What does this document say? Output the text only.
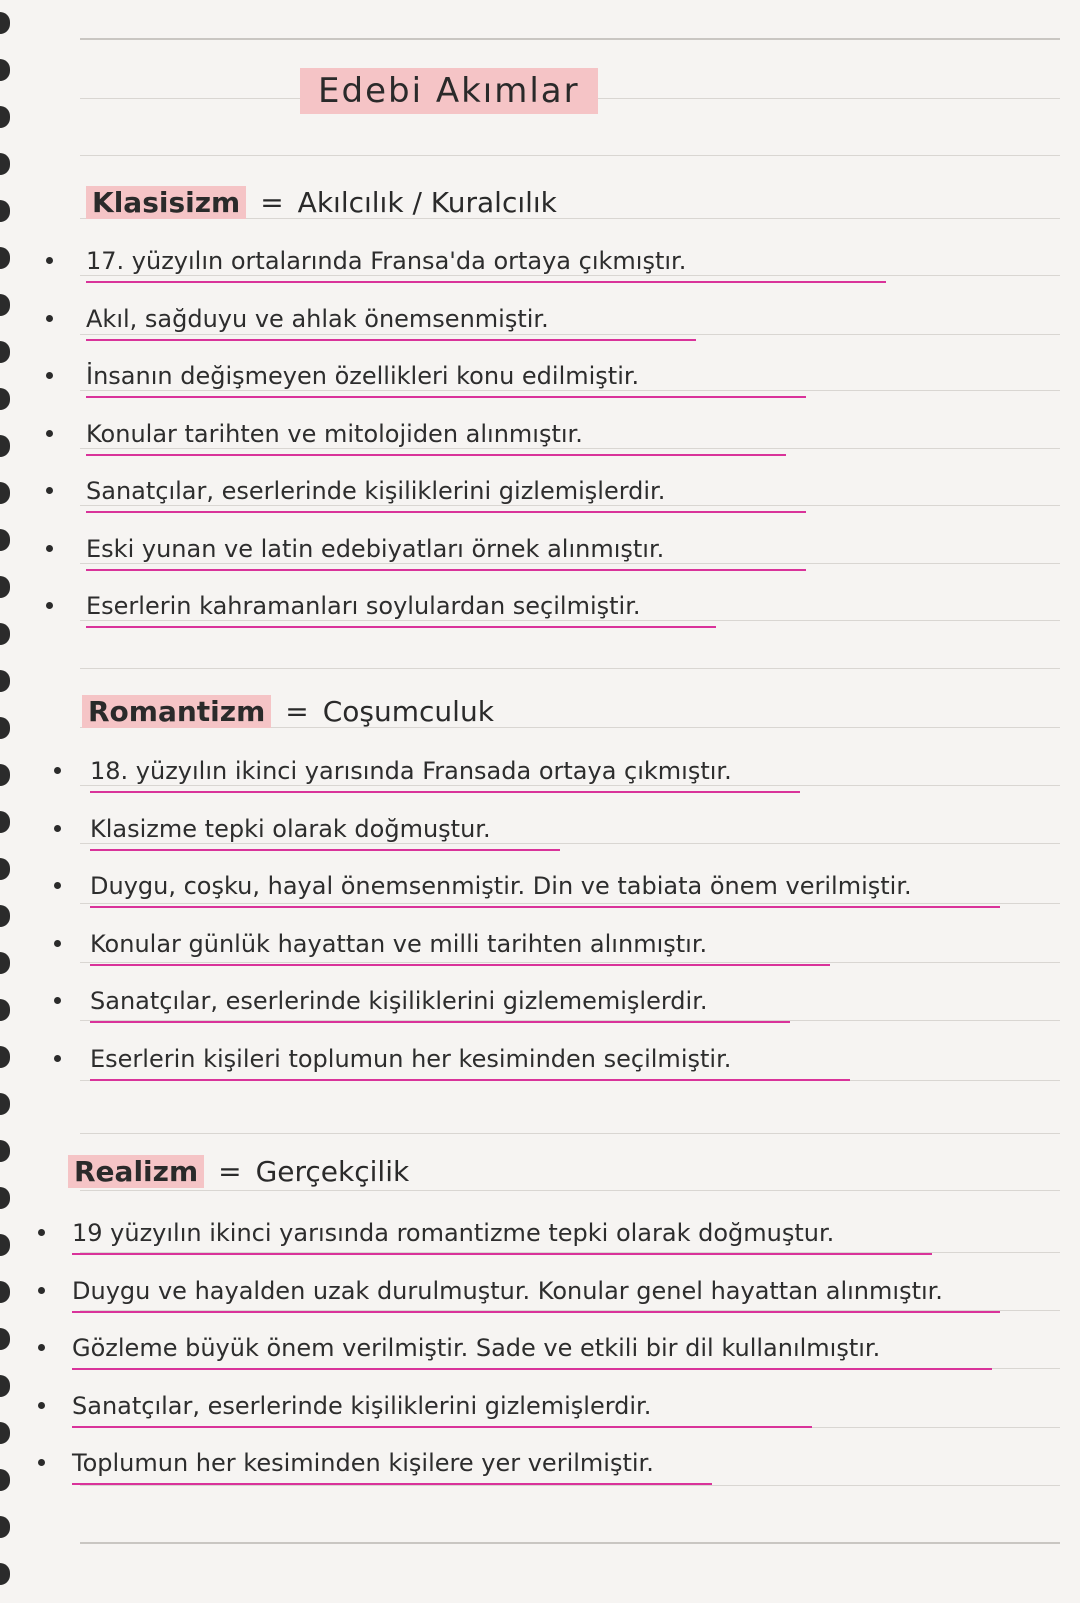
Edebi Akımlar
Klasisizm = Akılcılık / Kuralcılık
17. yüzyılın ortalarında Fransa'da ortaya çıkmıştır.
Akıl, sağduyu ve ahlak önemsenmiştir.
İnsanın değişmeyen özellikleri konu edilmiştir.
Konular tarihten ve mitolojiden alınmıştır.
Sanatçılar, eserlerinde kişiliklerini gizlemişlerdir.
Eski yunan ve latin edebiyatları örnek alınmıştır.
Eserlerin kahramanları soylulardan seçilmiştir.
Romantizm = Coşumculuk
18. yüzyılın ikinci yarısında Fransada ortaya çıkmıştır.
Klasizme tepki olarak doğmuştur.
Duygu, coşku, hayal önemsenmiştir. Din ve tabiata önem verilmiştir.
Konular günlük hayattan ve milli tarihten alınmıştır.
Sanatçılar, eserlerinde kişiliklerini gizlememişlerdir.
Eserlerin kişileri toplumun her kesiminden seçilmiştir.
Realizm = Gerçekçilik
19 yüzyılın ikinci yarısında romantizme tepki olarak doğmuştur.
Duygu ve hayalden uzak durulmuştur. Konular genel hayattan alınmıştır.
Gözleme büyük önem verilmiştir. Sade ve etkili bir dil kullanılmıştır.
Sanatçılar, eserlerinde kişiliklerini gizlemişlerdir.
Toplumun her kesiminden kişilere yer verilmiştir.
